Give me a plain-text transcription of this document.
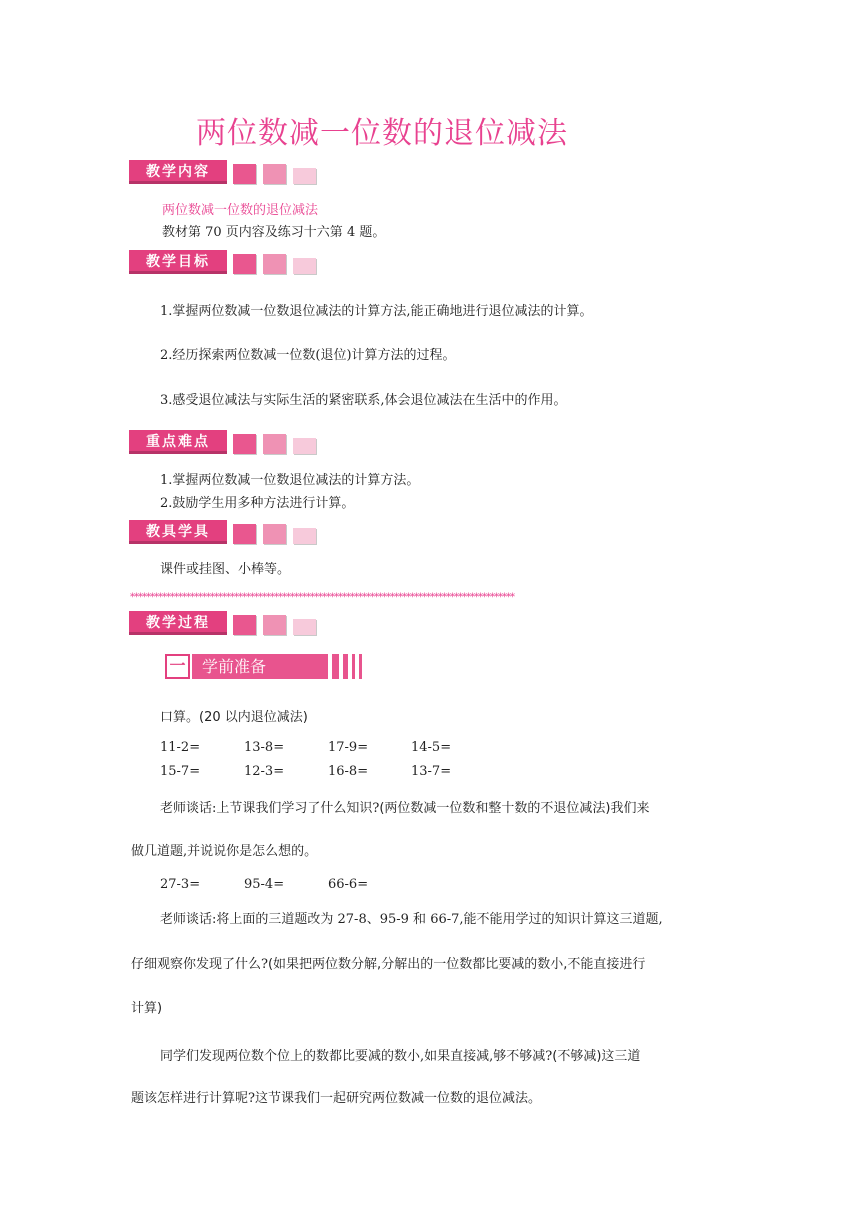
两位数减一位数的退位减法
教学内容
两位数减一位数的退位减法
教材第 70 页内容及练习十六第 4 题。
教学目标
1.掌握两位数减一位数退位减法的计算方法,能正确地进行退位减法的计算。
2.经历探索两位数减一位数(退位)计算方法的过程。
3.感受退位减法与实际生活的紧密联系,体会退位减法在生活中的作用。
重点难点
1.掌握两位数减一位数退位减法的计算方法。
2.鼓励学生用多种方法进行计算。
教具学具
课件或挂图、小棒等。
************************************************************************************************
教学过程
一	学前准备
口算。(20 以内退位减法)
11-2=	13-8=	17-9=	14-5=
15-7=	12-3=	16-8=	13-7=
老师谈话:上节课我们学习了什么知识?(两位数减一位数和整十数的不退位减法)我们来
做几道题,并说说你是怎么想的。
27-3=	95-4=	66-6=
老师谈话:将上面的三道题改为 27-8、95-9 和 66-7,能不能用学过的知识计算这三道题,
仔细观察你发现了什么?(如果把两位数分解,分解出的一位数都比要减的数小,不能直接进行
计算)
同学们发现两位数个位上的数都比要减的数小,如果直接减,够不够减?(不够减)这三道
题该怎样进行计算呢?这节课我们一起研究两位数减一位数的退位减法。
